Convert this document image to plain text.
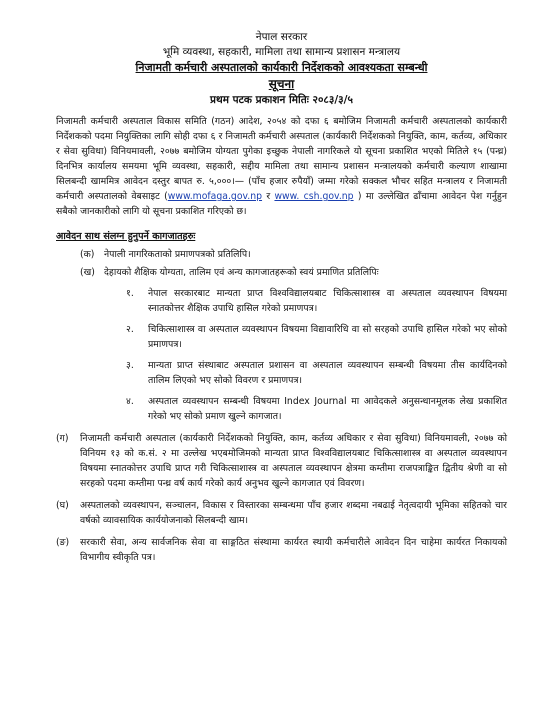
नेपाल सरकार
भूमि व्यवस्था, सहकारी, मामिला तथा सामान्य प्रशासन मन्त्रालय
निजामती कर्मचारी अस्पतालको कार्यकारी निर्देशकको आवश्यकता सम्बन्धी
सूचना
प्रथम पटक प्रकाशन मितिः २०८३/३/५
निजामती कर्मचारी अस्पताल विकास समिति (गठन) आदेश, २०५४ को दफा ६ बमोजिम निजामती कर्मचारी अस्पतालको कार्यकारी निर्देशकको पदमा नियुक्तिका लागि सोही दफा ६ र निजामती कर्मचारी अस्पताल (कार्यकारी निर्देशकको नियुक्ति, काम, कर्तव्य, अधिकार र सेवा सुविधा) विनियमावली, २०७७ बमोजिम योग्यता पुगेका इच्छुक नेपाली नागरिकले यो सूचना प्रकाशित भएको मितिले १५ (पन्ध्र) दिनभित्र कार्यालय समयमा भूमि व्यवस्था, सहकारी, सद्दीय मामिला तथा सामान्य प्रशासन मन्त्रालयको कर्मचारी कल्याण शाखामा सिलबन्दी खाममित्र आवेदन दस्तुर बापत रु. ५,०००।— (पाँच हजार रुपैयाँ) जम्मा गरेको सक्कल भौचर सहित मन्त्रालय र निजामती कर्मचारी अस्पतालको वेबसाइट (www.mofaga.gov.np र www. csh.gov.np ) मा उल्लेखित ढाँचामा आवेदन पेश गर्नुहुन सबैको जानकारीको लागि यो सूचना प्रकाशित गरिएको छ।
आवेदन साथ संलग्न हुनुपर्ने कागजातहरुः
(क)	नेपाली नागरिकताको प्रमाणपत्रको प्रतिलिपि।
(ख) देहायको शैक्षिक योग्यता, तालिम एवं अन्य कागजातहरूको स्वयं प्रमाणित प्रतिलिपिः
१.	नेपाल सरकारबाट मान्यता प्राप्त विश्वविद्यालयबाट चिकित्साशास्त्र वा अस्पताल व्यवस्थापन विषयमा स्नातकोत्तर शैक्षिक उपाधि हासिल गरेको प्रमाणपत्र।
२.	चिकित्साशास्त्र वा अस्पताल व्यवस्थापन विषयमा विद्यावारिधि वा सो सरहको उपाधि हासिल गरेको भए सोको प्रमाणपत्र।
३.	मान्यता प्राप्त संस्थाबाट अस्पताल प्रशासन वा अस्पताल व्यवस्थापन सम्बन्धी विषयमा तीस कार्यदिनको तालिम लिएको भए सोको विवरण र प्रमाणपत्र।
४.	अस्पताल व्यवस्थापन सम्बन्धी विषयमा Index Journal मा आवेदकले अनुसन्धानमूलक लेख प्रकाशित गरेको भए सोको प्रमाण खुल्ने कागजात।
(ग)	निजामती कर्मचारी अस्पताल (कार्यकारी निर्देशकको नियुक्ति, काम, कर्तव्य अधिकार र सेवा सुविधा) विनियमावली, २०७७ को विनियम १३ को क.सं. २ मा उल्लेख भएबमोजिमको मान्यता प्राप्त विश्वविद्यालयबाट चिकित्साशास्त्र वा अस्पताल व्यवस्थापन विषयमा स्नातकोत्तर उपाधि प्राप्त गरी चिकित्साशास्त्र वा अस्पताल व्यवस्थापन क्षेत्रमा कम्तीमा राजपत्राङ्कित द्वितीय श्रेणी वा सो सरहको पदमा कम्तीमा पन्ध्र वर्ष कार्य गरेको कार्य अनुभव खुल्ने कागजात एवं विवरण।
(घ)	अस्पतालको व्यवस्थापन, सञ्चालन, विकास र विस्तारका सम्बन्धमा पाँच हजार शब्दमा नबढाई नेतृत्वदायी भूमिका सहितको चार वर्षको व्यावसायिक कार्ययोजनाको सिलबन्दी खाम।
(ङ)	सरकारी सेवा, अन्य सार्वजनिक सेवा वा साङ्गठित संस्थामा कार्यरत स्थायी कर्मचारीले आवेदन दिन चाहेमा कार्यरत निकायको विभागीय स्वीकृति पत्र।
